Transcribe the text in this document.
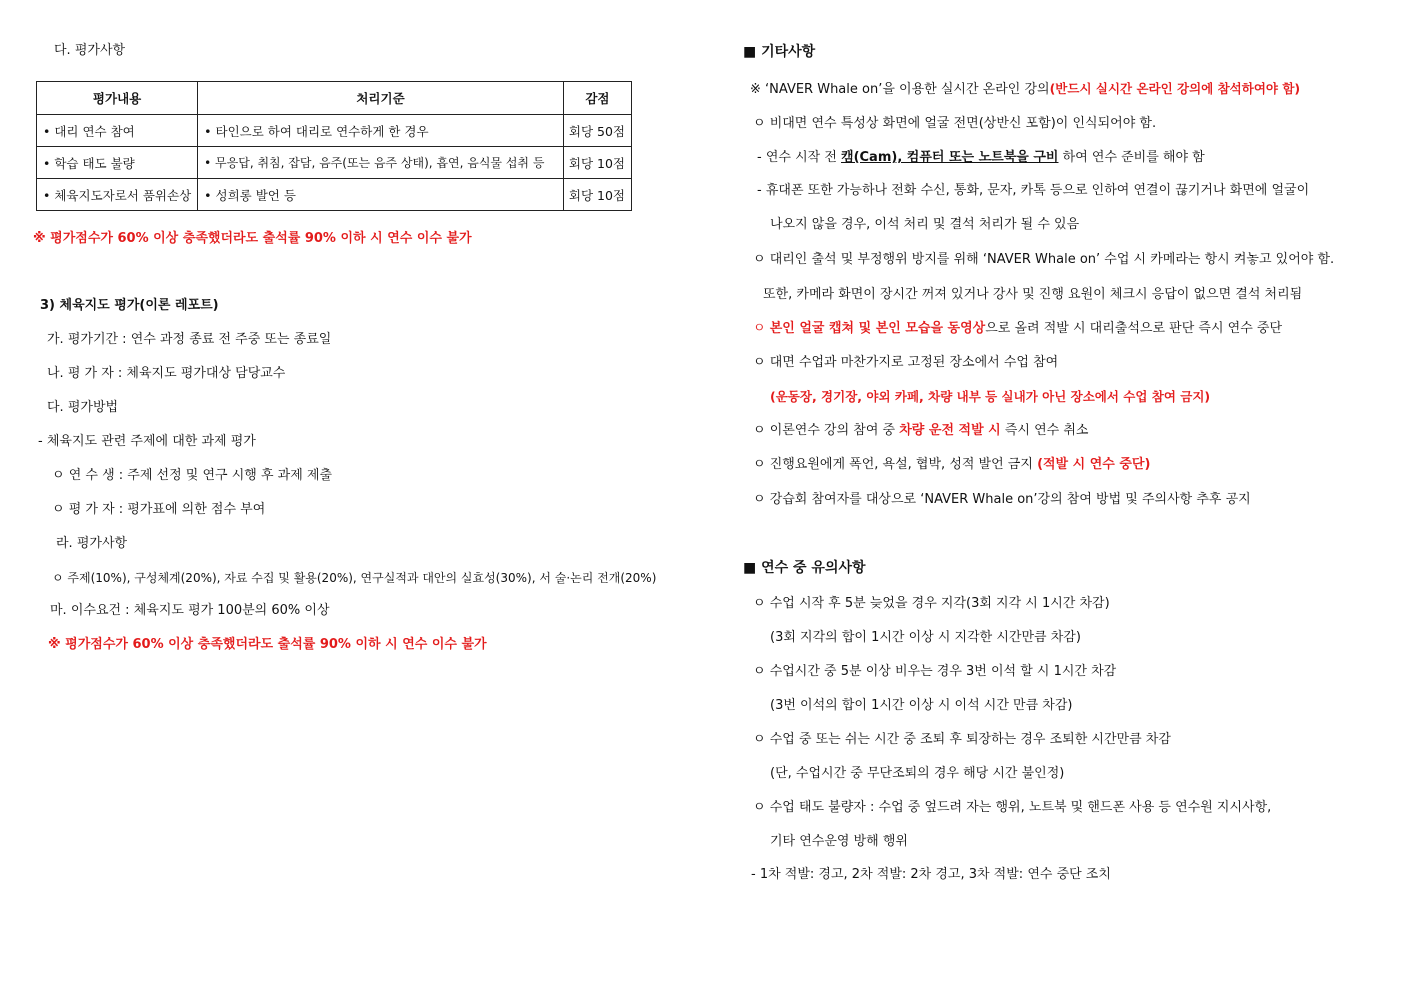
다. 평가사항
평가내용	처리기준	감점
• 대리 연수 참여	• 타인으로 하여 대리로 연수하게 한 경우	회당 50점
• 학습 태도 불량	• 무응답, 취침, 잡담, 음주(또는 음주 상태), 흡연, 음식물 섭취 등	회당 10점
• 체육지도자로서 품위손상	• 성희롱 발언 등	회당 10점
※ 평가점수가 60% 이상 충족했더라도 출석률 90% 이하 시 연수 이수 불가
3) 체육지도 평가(이론 레포트)
가. 평가기간 : 연수 과정 종료 전 주중 또는 종료일
나. 평 가 자 : 체육지도 평가대상 담당교수
다. 평가방법
- 체육지도 관련 주제에 대한 과제 평가
ㅇ 연 수 생 : 주제 선정 및 연구 시행 후 과제 제출
ㅇ 평 가 자 : 평가표에 의한 점수 부여
라. 평가사항
ㅇ 주제(10%), 구성체계(20%), 자료 수집 및 활용(20%), 연구실적과 대안의 실효성(30%), 서 술·논리 전개(20%)
마. 이수요건 : 체육지도 평가 100분의 60% 이상
※ 평가점수가 60% 이상 충족했더라도 출석률 90% 이하 시 연수 이수 불가
■ 기타사항
※ ‘NAVER Whale on’을 이용한 실시간 온라인 강의(반드시 실시간 온라인 강의에 참석하여야 함)
ㅇ 비대면 연수 특성상 화면에 얼굴 전면(상반신 포함)이 인식되어야 함.
- 연수 시작 전 캠(Cam), 컴퓨터 또는 노트북을 구비 하여 연수 준비를 해야 함
- 휴대폰 또한 가능하나 전화 수신, 통화, 문자, 카톡 등으로 인하여 연결이 끊기거나 화면에 얼굴이
나오지 않을 경우, 이석 처리 및 결석 처리가 될 수 있음
ㅇ 대리인 출석 및 부정행위 방지를 위해 ‘NAVER Whale on’ 수업 시 카메라는 항시 켜놓고 있어야 함.
또한, 카메라 화면이 장시간 꺼져 있거나 강사 및 진행 요원이 체크시 응답이 없으면 결석 처리됨
ㅇ 본인 얼굴 캡쳐 및 본인 모습을 동영상으로 올려 적발 시 대리출석으로 판단 즉시 연수 중단
ㅇ 대면 수업과 마찬가지로 고정된 장소에서 수업 참여
(운동장, 경기장, 야외 카페, 차량 내부 등 실내가 아닌 장소에서 수업 참여 금지)
ㅇ 이론연수 강의 참여 중 차량 운전 적발 시 즉시 연수 취소
ㅇ 진행요원에게 폭언, 욕설, 협박, 성적 발언 금지 (적발 시 연수 중단)
ㅇ 강습회 참여자를 대상으로 ‘NAVER Whale on’강의 참여 방법 및 주의사항 추후 공지
■ 연수 중 유의사항
ㅇ 수업 시작 후 5분 늦었을 경우 지각(3회 지각 시 1시간 차감)
(3회 지각의 합이 1시간 이상 시 지각한 시간만큼 차감)
ㅇ 수업시간 중 5분 이상 비우는 경우 3번 이석 할 시 1시간 차감
(3번 이석의 합이 1시간 이상 시 이석 시간 만큼 차감)
ㅇ 수업 중 또는 쉬는 시간 중 조퇴 후 퇴장하는 경우 조퇴한 시간만큼 차감
(단, 수업시간 중 무단조퇴의 경우 해당 시간 불인정)
ㅇ 수업 태도 불량자 : 수업 중 엎드려 자는 행위, 노트북 및 핸드폰 사용 등 연수원 지시사항,
기타 연수운영 방해 행위
- 1차 적발: 경고, 2차 적발: 2차 경고, 3차 적발: 연수 중단 조치
